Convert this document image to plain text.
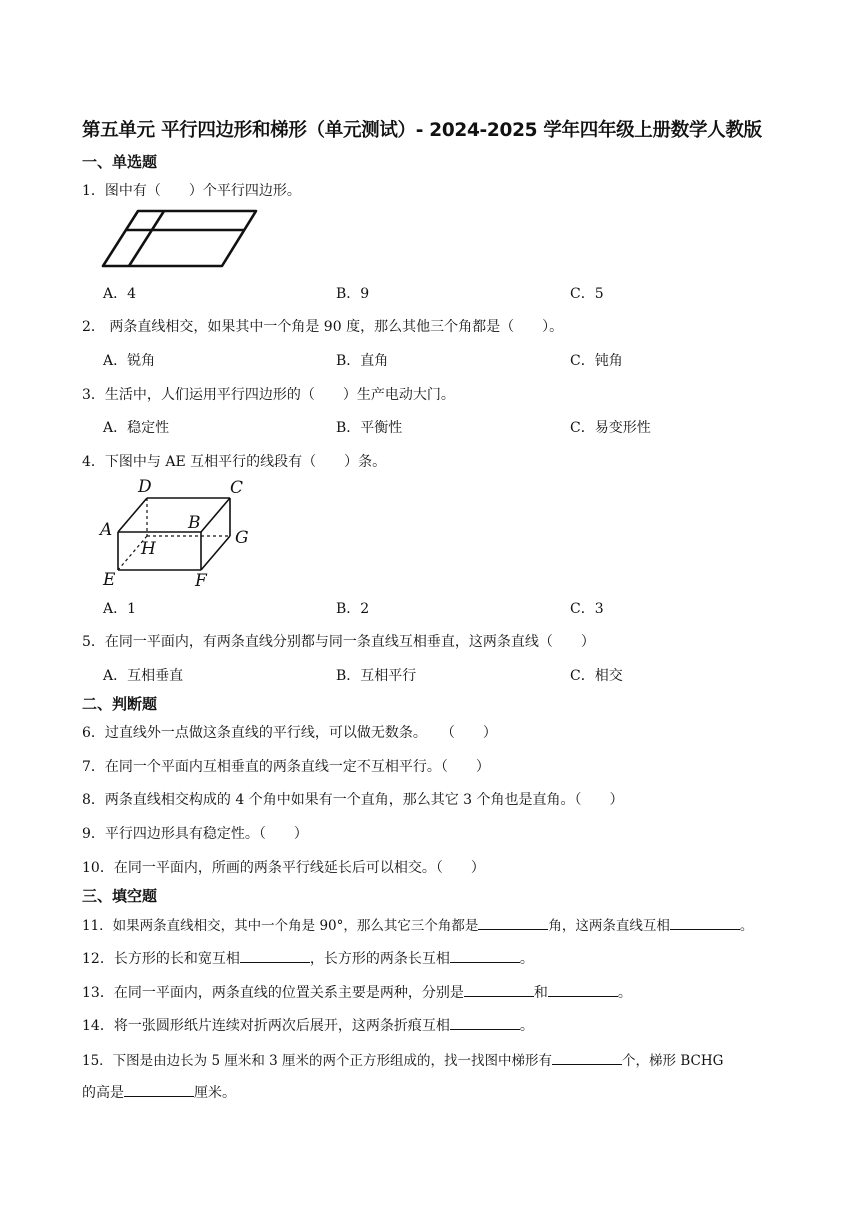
第五单元 平行四边形和梯形（单元测试）- 2024-2025 学年四年级上册数学人教版
一、单选题
1．图中有（　　）个平行四边形。
A．4	B．9	C．5
2． 两条直线相交，如果其中一个角是 90 度，那么其他三个角都是（　　）。
A．锐角	B．直角	C．钝角
3．生活中，人们运用平行四边形的（　　）生产电动大门。
A．稳定性	B．平衡性	C．易变形性
4．下图中与 AE 互相平行的线段有（　　）条。
D	C
A	B
G
H
E	F
A．1	B．2	C．3
5．在同一平面内，有两条直线分别都与同一条直线互相垂直，这两条直线（　　）
A．互相垂直	B．互相平行	C．相交
二、判断题
6．过直线外一点做这条直线的平行线，可以做无数条。　　（　　）
7．在同一个平面内互相垂直的两条直线一定不互相平行。（　　）
8．两条直线相交构成的 4 个角中如果有一个直角，那么其它 3 个角也是直角。（　　）
9．平行四边形具有稳定性。（　　）
10．在同一平面内，所画的两条平行线延长后可以相交。（　　）
三、填空题
11．如果两条直线相交，其中一个角是 90°，那么其它三个角都是	角，这两条直线互相	。
12．长方形的长和宽互相	，长方形的两条长互相	。
13．在同一平面内，两条直线的位置关系主要是两种，分别是	和	。
14．将一张圆形纸片连续对折两次后展开，这两条折痕互相	。
15．下图是由边长为 5 厘米和 3 厘米的两个正方形组成的，找一找图中梯形有	个，梯形 BCHG
的高是	厘米。
